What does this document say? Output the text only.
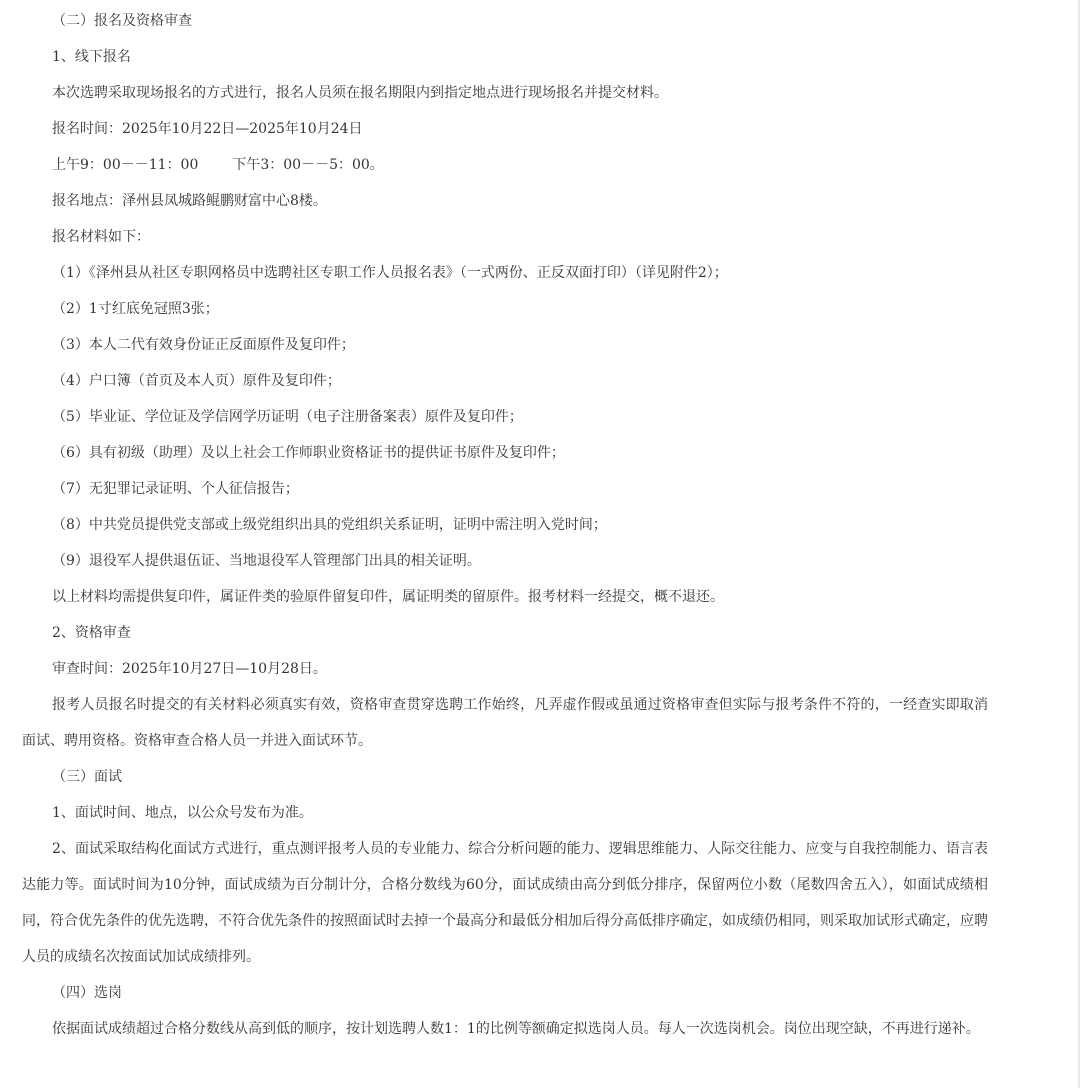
（二）报名及资格审查
1、线下报名
本次选聘采取现场报名的方式进行，报名人员须在报名期限内到指定地点进行现场报名并提交材料。
报名时间：2025年10月22日—2025年10月24日
上午9：00－－11：00 下午3：00－－5：00。
报名地点：泽州县凤城路鲲鹏财富中心8楼。
报名材料如下：
（1）《泽州县从社区专职网格员中选聘社区专职工作人员报名表》（一式两份、正反双面打印）（详见附件2）；
（2）1寸红底免冠照3张；
（3）本人二代有效身份证正反面原件及复印件；
（4）户口簿（首页及本人页）原件及复印件；
（5）毕业证、学位证及学信网学历证明（电子注册备案表）原件及复印件；
（6）具有初级（助理）及以上社会工作师职业资格证书的提供证书原件及复印件；
（7）无犯罪记录证明、个人征信报告；
（8）中共党员提供党支部或上级党组织出具的党组织关系证明，证明中需注明入党时间；
（9）退役军人提供退伍证、当地退役军人管理部门出具的相关证明。
以上材料均需提供复印件，属证件类的验原件留复印件，属证明类的留原件。报考材料一经提交，概不退还。
2、资格审查
审查时间：2025年10月27日—10月28日。

报考人员报名时提交的有关材料必须真实有效，资格审查贯穿选聘工作始终，凡弄虚作假或虽通过资格审查但实际与报考条件不符的，一经查实即取消面试、聘用资格。资格审查合格人员一并进入面试环节。

（三）面试
1、面试时间、地点，以公众号发布为准。

2、面试采取结构化面试方式进行，重点测评报考人员的专业能力、综合分析问题的能力、逻辑思维能力、人际交往能力、应变与自我控制能力、语言表达能力等。面试时间为10分钟，面试成绩为百分制计分，合格分数线为60分，面试成绩由高分到低分排序，保留两位小数（尾数四舍五入），如面试成绩相同，符合优先条件的优先选聘，不符合优先条件的按照面试时去掉一个最高分和最低分相加后得分高低排序确定，如成绩仍相同，则采取加试形式确定，应聘人员的成绩名次按面试加试成绩排列。

（四）选岗

依据面试成绩超过合格分数线从高到低的顺序，按计划选聘人数1：1的比例等额确定拟选岗人员。每人一次选岗机会。岗位出现空缺，不再进行递补。
